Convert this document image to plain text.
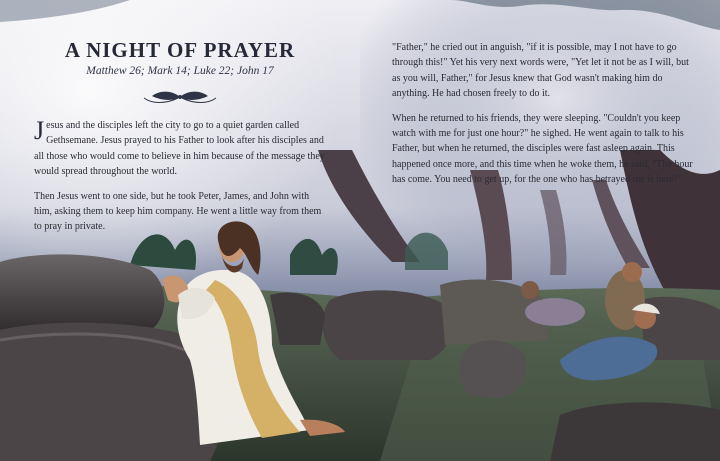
A NIGHT OF PRAYER
Matthew 26; Mark 14; Luke 22; John 17

Jesus and the disciples left the city to go to a quiet garden called Gethsemane. Jesus prayed to his Father to look after his disciples and all those who would come to believe in him because of the message they would spread throughout the world.

Then Jesus went to one side, but he took Peter, James, and John with him, asking them to keep him company. He went a little way from them to pray in private.

"Father," he cried out in anguish, "if it is possible, may I not have to go through this!" Yet his very next words were, "Yet let it not be as I will, but as you will, Father," for Jesus knew that God wasn't making him do anything. He had chosen freely to do it.

When he returned to his friends, they were sleeping. "Couldn't you keep watch with me for just one hour?" he sighed. He went again to talk to his Father, but when he returned, the disciples were fast asleep again. This happened once more, and this time when he woke them, he said, "The hour has come. You need to get up, for the one who has betrayed me is here!"
